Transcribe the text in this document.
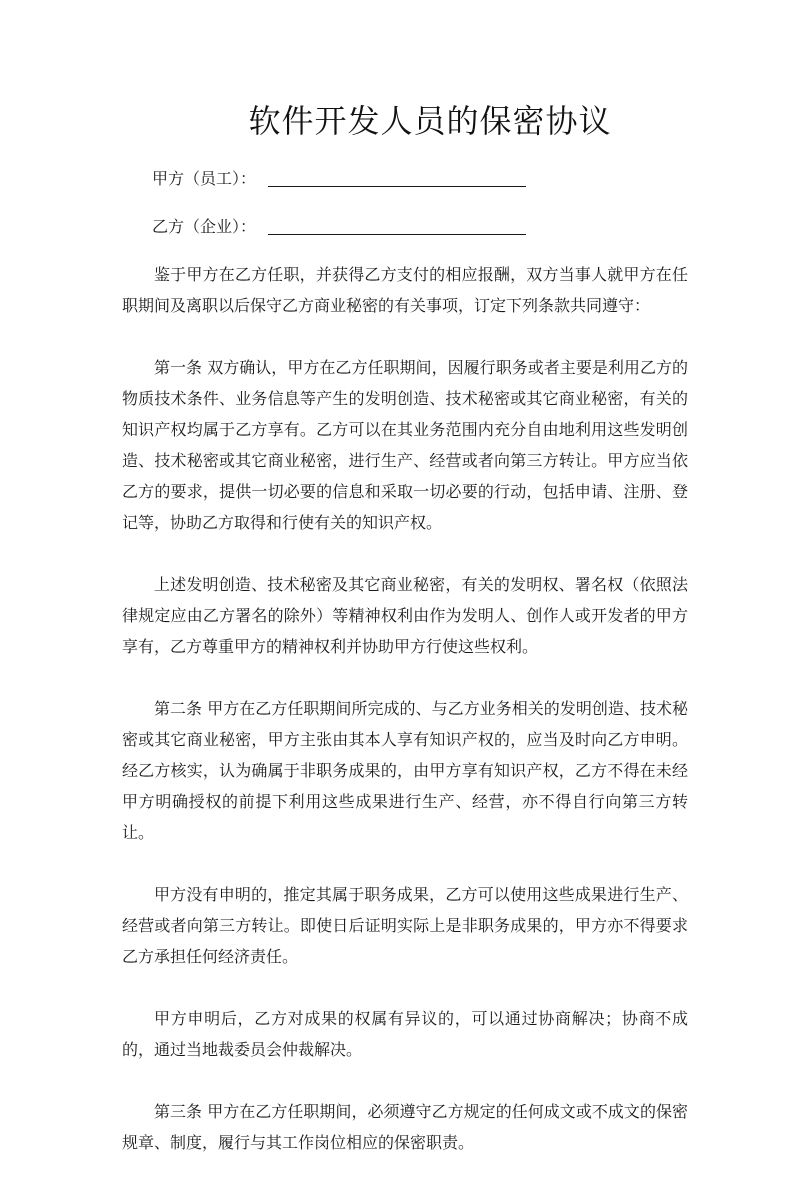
软件开发人员的保密协议
甲方（员工）：
乙方（企业）：

鉴于甲方在乙方任职，并获得乙方支付的相应报酬，双方当事人就甲方在任职期间及离职以后保守乙方商业秘密的有关事项，订定下列条款共同遵守：

第一条 双方确认，甲方在乙方任职期间，因履行职务或者主要是利用乙方的物质技术条件、业务信息等产生的发明创造、技术秘密或其它商业秘密，有关的知识产权均属于乙方享有。乙方可以在其业务范围内充分自由地利用这些发明创造、技术秘密或其它商业秘密，进行生产、经营或者向第三方转让。甲方应当依乙方的要求，提供一切必要的信息和采取一切必要的行动，包括申请、注册、登记等，协助乙方取得和行使有关的知识产权。

上述发明创造、技术秘密及其它商业秘密，有关的发明权、署名权（依照法律规定应由乙方署名的除外）等精神权利由作为发明人、创作人或开发者的甲方享有，乙方尊重甲方的精神权利并协助甲方行使这些权利。

第二条 甲方在乙方任职期间所完成的、与乙方业务相关的发明创造、技术秘密或其它商业秘密，甲方主张由其本人享有知识产权的，应当及时向乙方申明。经乙方核实，认为确属于非职务成果的，由甲方享有知识产权，乙方不得在未经甲方明确授权的前提下利用这些成果进行生产、经营，亦不得自行向第三方转让。

甲方没有申明的，推定其属于职务成果，乙方可以使用这些成果进行生产、经营或者向第三方转让。即使日后证明实际上是非职务成果的，甲方亦不得要求乙方承担任何经济责任。

甲方申明后，乙方对成果的权属有异议的，可以通过协商解决；协商不成的，通过当地裁委员会仲裁解决。

第三条 甲方在乙方任职期间，必须遵守乙方规定的任何成文或不成文的保密规章、制度，履行与其工作岗位相应的保密职责。
